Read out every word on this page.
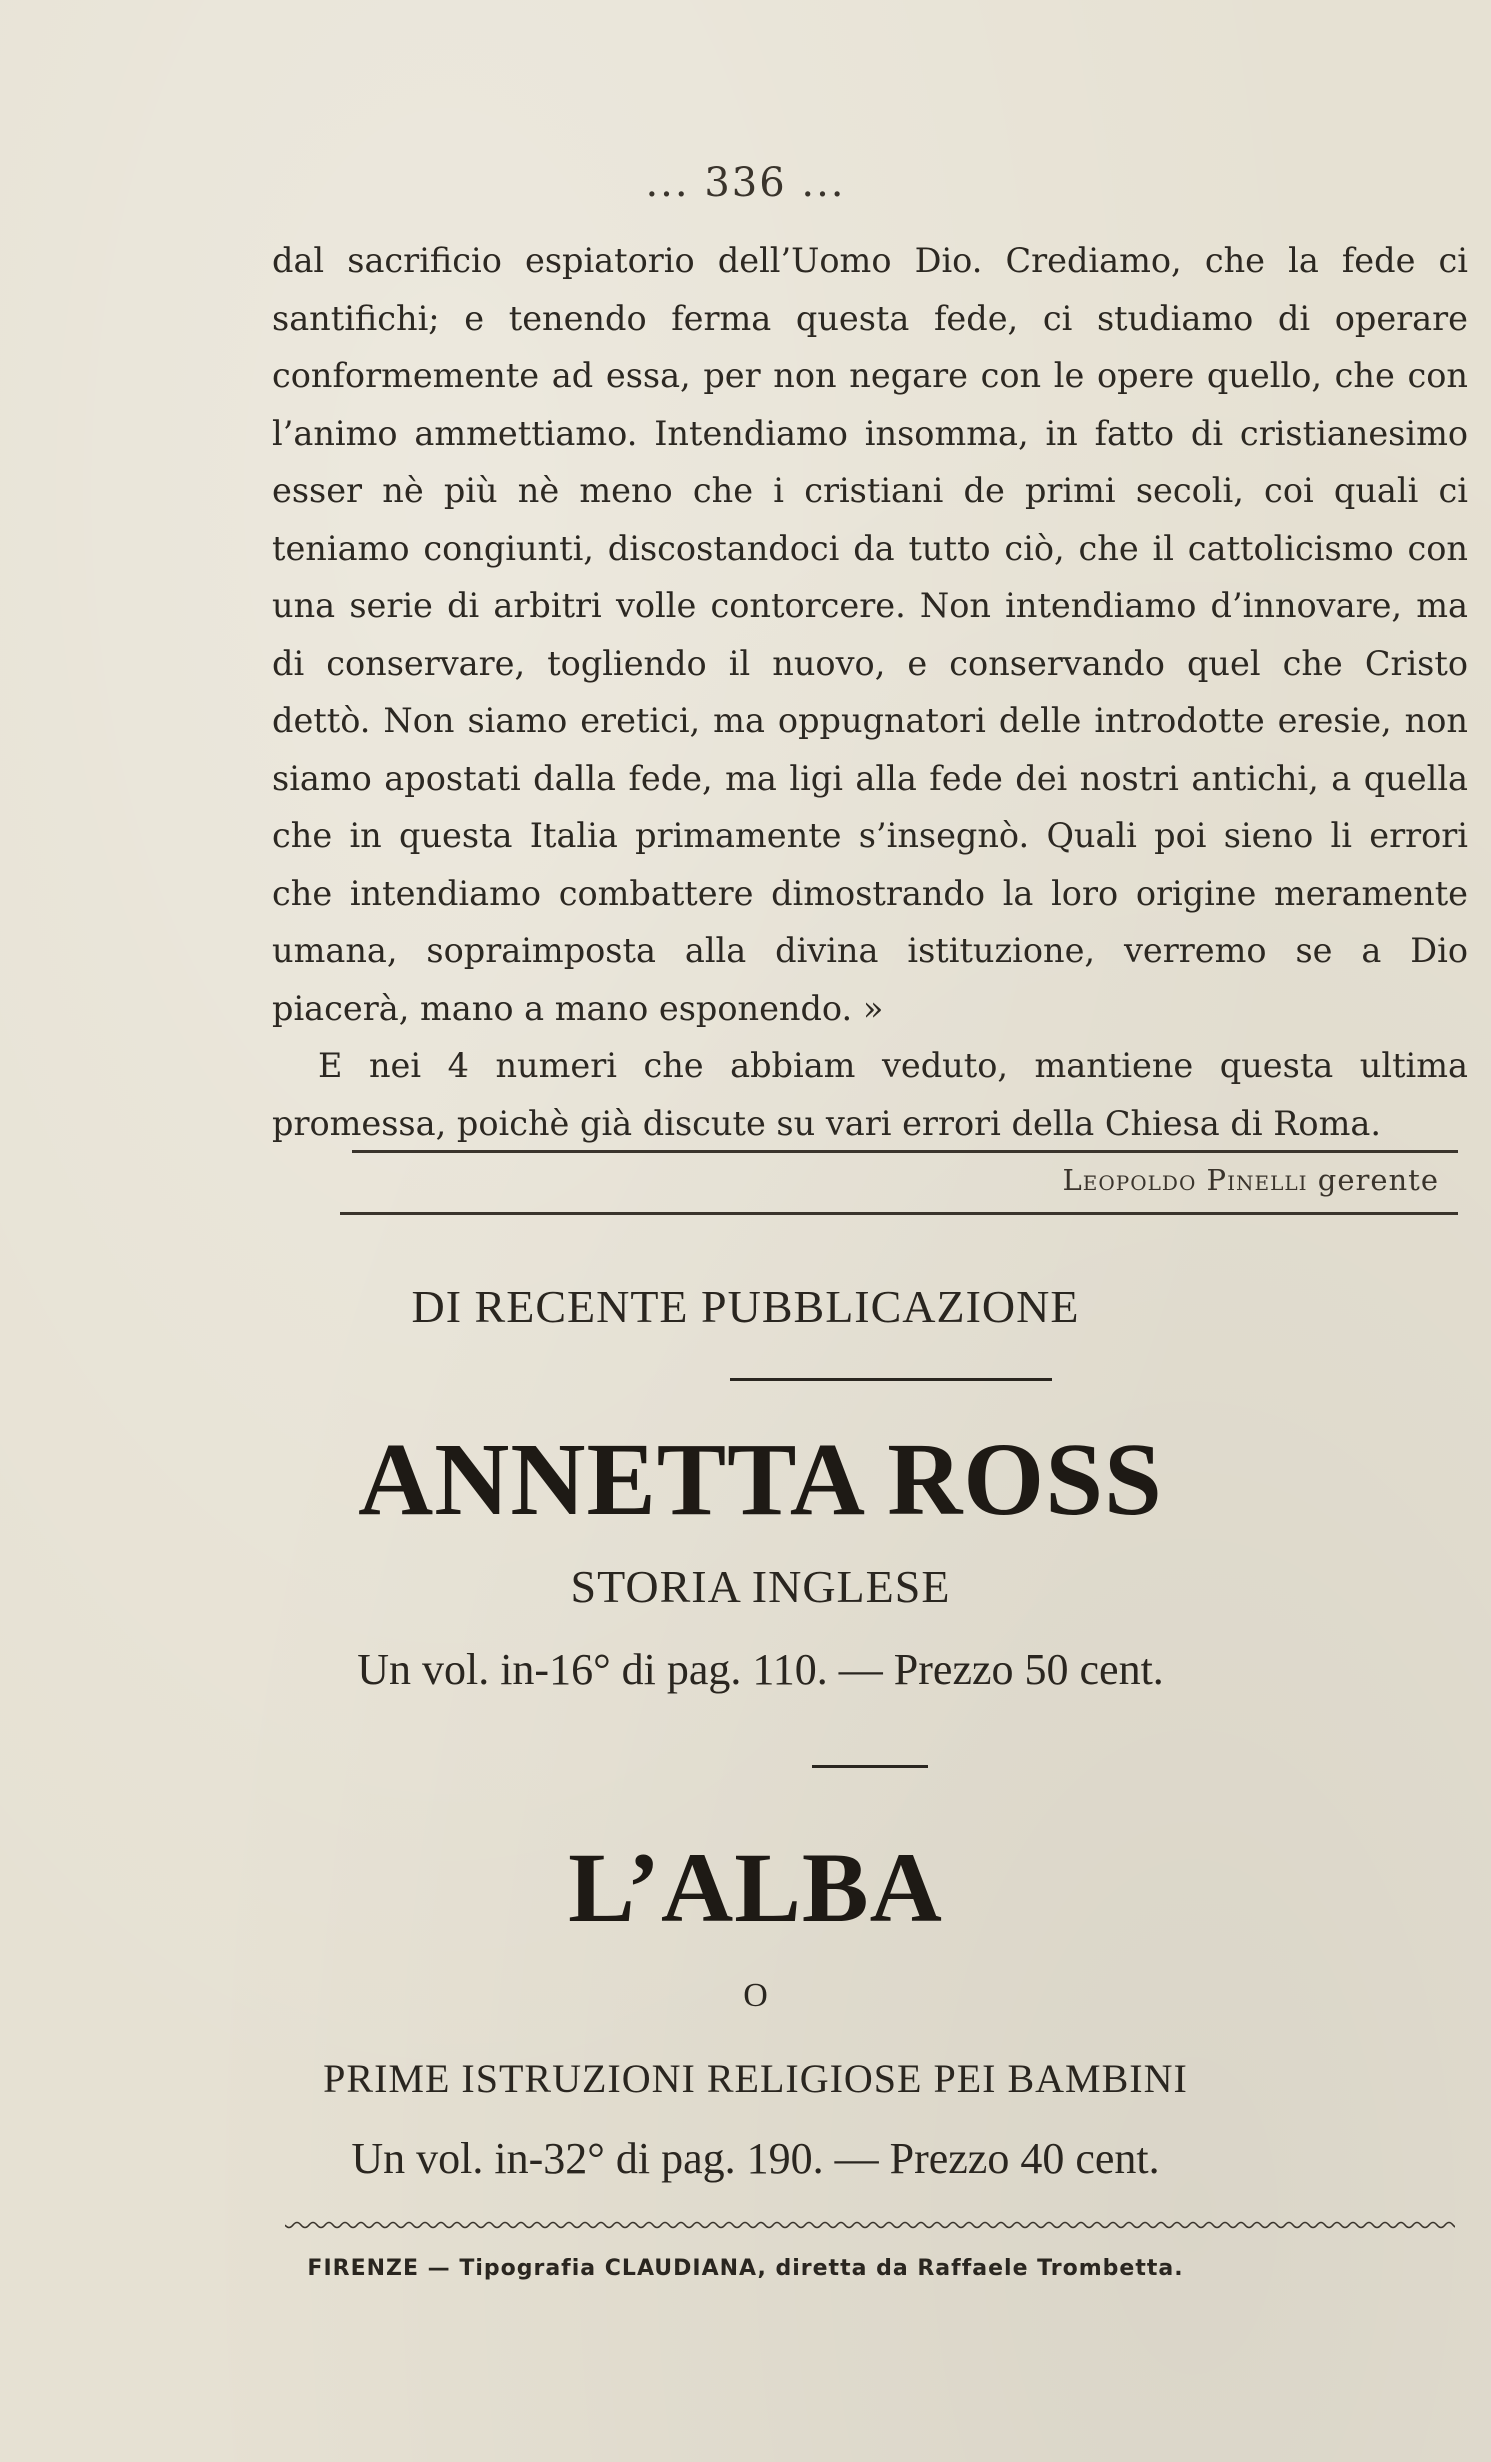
... 336 ...

dal sacrificio espiatorio dell’Uomo Dio. Crediamo, che la fede ci santifichi; e tenendo ferma questa fede, ci studiamo di operare conformemente ad essa, per non negare con le opere quello, che con l’animo ammettiamo. Intendiamo insomma, in fatto di cristianesimo esser nè più nè meno che i cristiani de primi secoli, coi quali ci teniamo congiunti, discostandoci da tutto ciò, che il cattolicismo con una serie di arbitri volle contorcere. Non intendiamo d’innovare, ma di conservare, togliendo il nuovo, e conservando quel che Cristo dettò. Non siamo eretici, ma oppugnatori delle introdotte eresie, non siamo apostati dalla fede, ma ligi alla fede dei nostri antichi, a quella che in questa Italia primamente s’insegnò. Quali poi sieno li errori che intendiamo combattere dimostrando la loro origine meramente umana, sopraimposta alla divina istituzione, verremo se a Dio piacerà, mano a mano esponendo. »

E nei 4 numeri che abbiam veduto, mantiene questa ultima promessa, poichè già discute su vari errori della Chiesa di Roma.

Leopoldo Pinelli gerente
DI RECENTE PUBBLICAZIONE
ANNETTA ROSS
STORIA INGLESE
Un vol. in-16° di pag. 110. — Prezzo 50 cent.
L’ALBA
O
PRIME ISTRUZIONI RELIGIOSE PEI BAMBINI
Un vol. in-32° di pag. 190. — Prezzo 40 cent.
FIRENZE — Tipografia CLAUDIANA, diretta da Raffaele Trombetta.
